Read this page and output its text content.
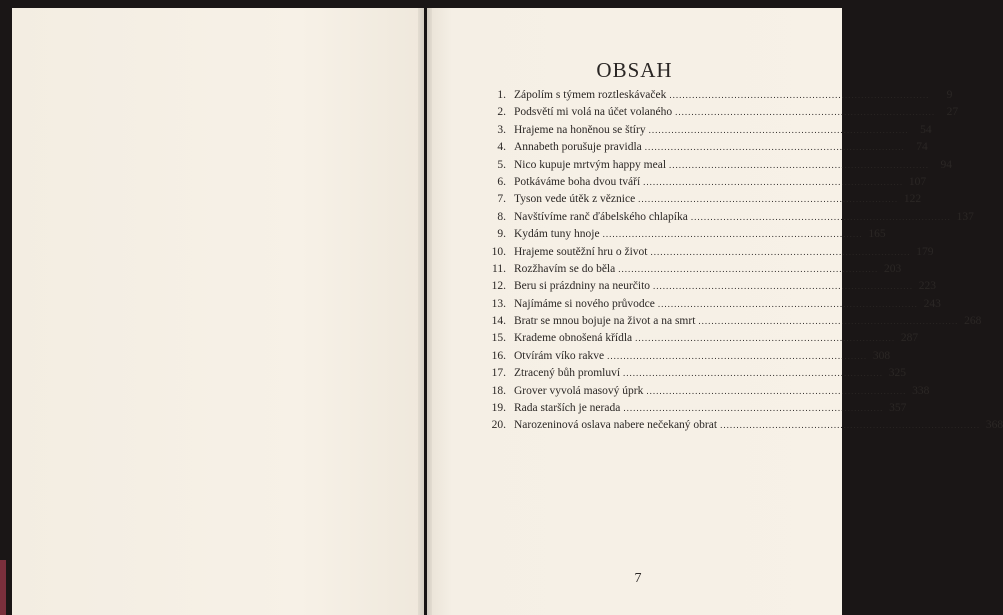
OBSAH
1. Zápolím s týmem roztleskávaček ................................................................................	9
2. Podsvětí mi volá na účet volaného ................................................................................	27
3. Hrajeme na honěnou se štíry ................................................................................	54
4. Annabeth porušuje pravidla ................................................................................	74
5. Nico kupuje mrtvým happy meal ................................................................................	94
6. Potkáváme boha dvou tváří ................................................................................ 107
7. Tyson vede útěk z věznice ................................................................................ 122
8. Navštívíme ranč ďábelského chlapíka ................................................................................ 137
9. Kydám tuny hnoje ................................................................................ 165
10. Hrajeme soutěžní hru o život ................................................................................ 179
11. Rozžhavím se do běla ................................................................................ 203
12. Beru si prázdniny na neurčito ................................................................................ 223
13. Najímáme si nového průvodce ................................................................................ 243
14. Bratr se mnou bojuje na život a na smrt ................................................................................ 268
15. Krademe obnošená křídla ................................................................................ 287
16. Otvírám víko rakve ................................................................................ 308
17. Ztracený bůh promluví ................................................................................ 325
18. Grover vyvolá masový úprk ................................................................................ 338
19. Rada starších je nerada ................................................................................ 357
20. Narozeninová oslava nabere nečekaný obrat ................................................................................ 368
7
